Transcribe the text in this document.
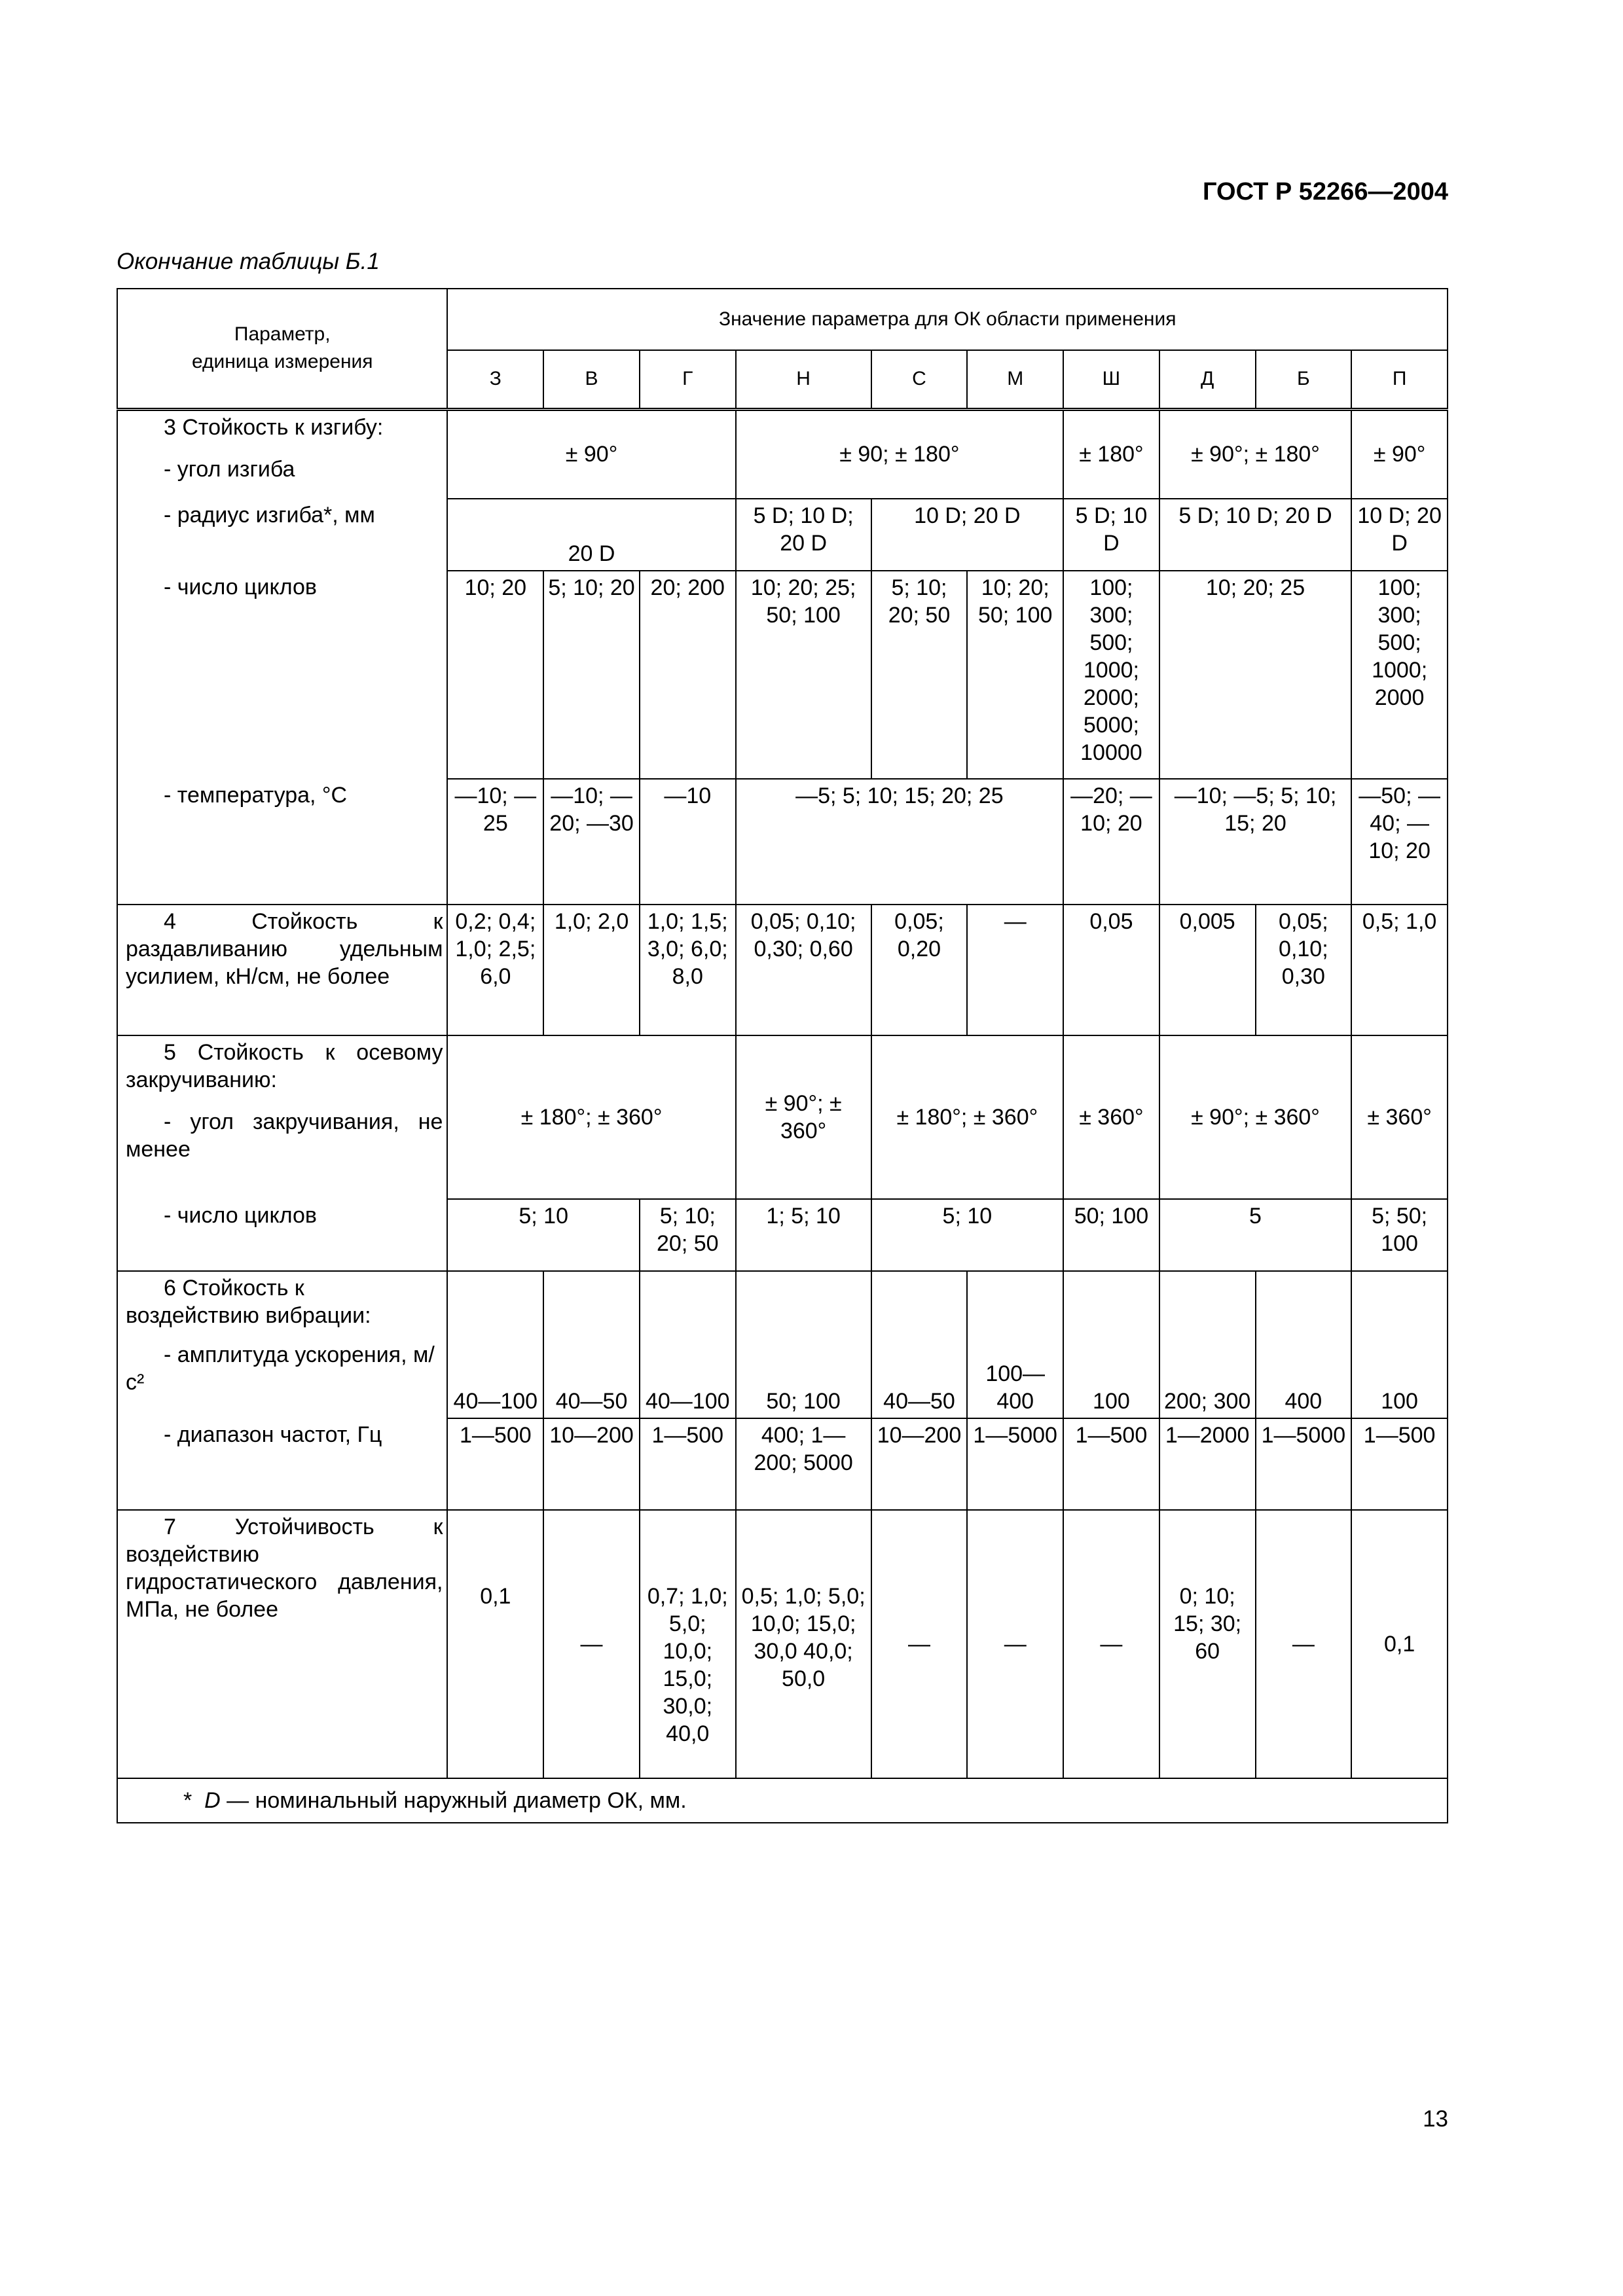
ГОСТ Р 52266—2004
Окончание таблицы Б.1
Параметр,
единица измерения	Значение параметра для ОК области применения									
	З	В	Г	Н	С	М	Ш	Д	Б	П

3 Стойкость к изгибу:
- угол изгиба	± 90°			± 90; ± 180°			± 180°	± 90°; ± 180°		± 90°

- радиус изгиба*, мм	20 D			5 D; 10 D; 20 D	10 D; 20 D		5 D; 10 D	5 D; 10 D; 20 D		10 D; 20 D

- число циклов	10; 20	5; 10; 20	20; 200	10; 20; 25; 50; 100	5; 10; 20; 50	10; 20; 50; 100	100; 300; 500; 1000; 2000; 5000; 10000	10; 20; 25		100; 300; 500; 1000; 2000

- температура, °С	—10; —25	—10; —20; —30	—10	—5; 5; 10; 15; 20; 25			—20; —10; 20	—10; —5; 5; 10; 15; 20		—50; —40; —10; 20

4 Стойкость к раздавливанию удельным усилием, кН/см, не более	0,2; 0,4; 1,0; 2,5; 6,0	1,0; 2,0	1,0; 1,5; 3,0; 6,0; 8,0	0,05; 0,10; 0,30; 0,60	0,05; 0,20	—	0,05	0,005	0,05; 0,10; 0,30	0,5; 1,0

5 Стойкость к осевому закручиванию:
- угол закручивания, не менее	± 180°; ± 360°			± 90°; ± 360°	± 180°; ± 360°		± 360°	± 90°; ± 360°		± 360°

- число циклов	5; 10		5; 10; 20; 50	1; 5; 10	5; 10		50; 100	5		5; 50; 100

6 Стойкость к воздействию вибрации:
- амплитуда ускорения, м/с²	40—100	40—50	40—100	50; 100	40—50	100—400	100	200; 300	400	100

- диапазон частот, Гц	1—500	10—200	1—500	400; 1—200; 5000	10—200	1—5000	1—500	1—2000	1—5000	1—500

7 Устойчивость к воздействию гидростатического давления, МПа, не более	0,1	—	0,7; 1,0; 5,0; 10,0; 15,0; 30,0; 40,0	0,5; 1,0; 5,0; 10,0; 15,0; 30,0 40,0; 50,0	—	—	—	0; 10; 15; 30; 60	—	0,1
* D — номинальный наружный диаметр ОК, мм.										
13
